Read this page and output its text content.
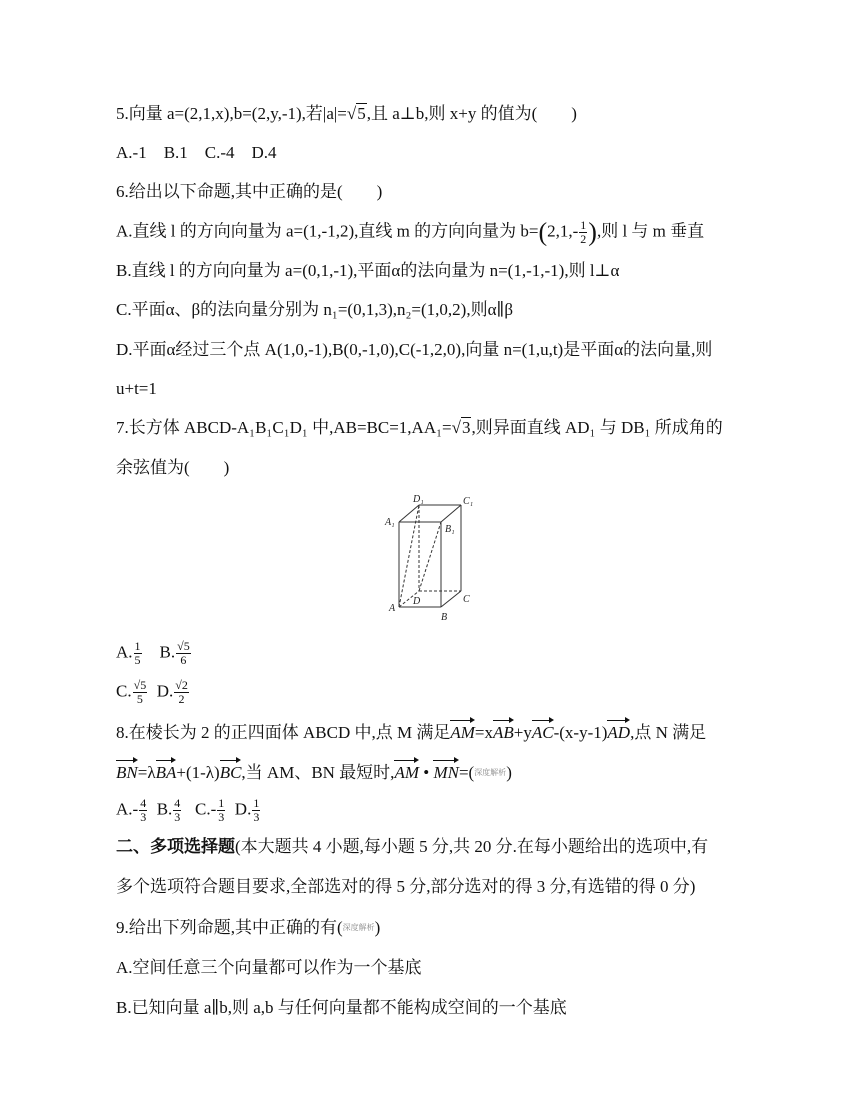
5.向量 a=(2,1,x),b=(2,y,-1),若|a|=√5,且 a⊥b,则 x+y 的值为(　　)
A.-1　B.1　C.-4　D.4
6.给出以下命题,其中正确的是(　　)
A.直线 l 的方向向量为 a=(1,-1,2),直线 m 的方向向量为 $b=(2,1,- \frac{1}{2}$ ),则 l 与 m 垂直
B.直线 l 的方向向量为 a=(0,1,-1),平面α的法向量为 n=(1,-1,-1),则 l⊥α
C.平面α、β的法向量分别为 n₁=(0,1,3),n₂=(1,0,2),则α∥β
D.平面α经过三个点 A(1,0,-1),B(0,-1,0),C(-1,2,0),向量 n=(1,u,t)是平面α的法向量,则
u+t=1
7.长方体 ABCD-A₁B₁C₁D₁ 中,AB=BC=1,AA₁=√3,则异面直线 AD₁ 与 DB₁ 所成角的
余弦值为(　　)
D₁	C₁
A₁
B₁
A
D	C
B
A. $\frac{1}{5} B$. $\frac{√5}{6}$
C. $\frac{√5}{5} D$. $\frac{√2}{2}$
8.在棱长为 2 的正四面体 ABCD 中,点 M 满足AM=xAB+yAC-(x-y-1)AD,点 N 满足
BN=λBA+(1-λ)BC,当 AM、BN 最短时,AM • MN=(深度解析)
$A.- \frac{4}{3} B$. $\frac{4}{3} C.- \frac{1}{3} D$. $\frac{1}{3}$
二、多项选择题(本大题共 4 小题,每小题 5 分,共 20 分.在每小题给出的选项中,有
多个选项符合题目要求,全部选对的得 5 分,部分选对的得 3 分,有选错的得 0 分)
9.给出下列命题,其中正确的有(深度解析)
A.空间任意三个向量都可以作为一个基底
B.已知向量 a∥b,则 a,b 与任何向量都不能构成空间的一个基底
